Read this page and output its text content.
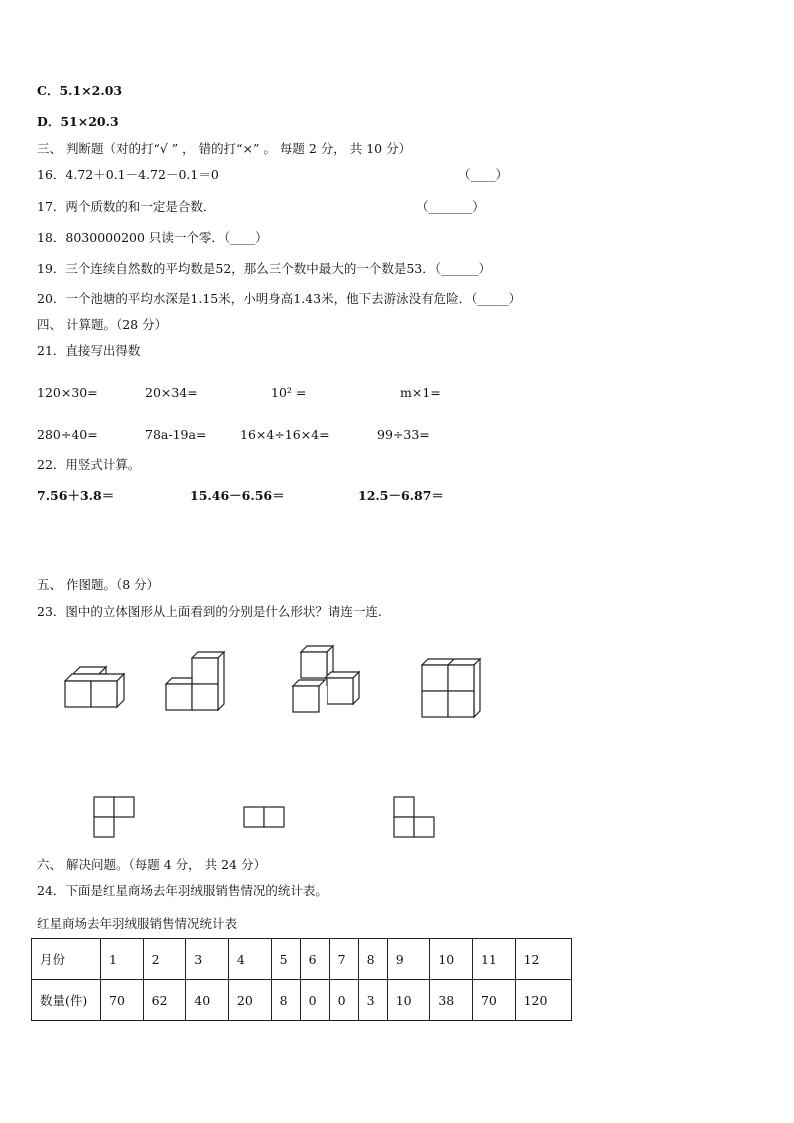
C．5.1×2.03
D．51×20.3
三、 判断题（对的打“√ ” ， 错的打“×” 。 每题 2 分， 共 10 分）
16．4.72＋0.1－4.72－0.1＝0	（____）
17．两个质数的和一定是合数．	（_______）
18．8030000200 只读一个零．（____）
19．三个连续自然数的平均数是52，那么三个数中最大的一个数是53．（______）
20．一个池塘的平均水深是1.15米，小明身高1.43米，他下去游泳没有危险．（_____）
四、 计算题。（28 分）
21．直接写出得数
120×30=	20×34=	10² =	m×1=
280÷40=	78a-19a=	16×4÷16×4=	99÷33=
22．用竖式计算。
7.56＋3.8＝	15.46－6.56＝	12.5－6.87＝
五、 作图题。（8 分）
23．图中的立体图形从上面看到的分别是什么形状？请连一连.
六、 解决问题。（每题 4 分， 共 24 分）
24．下面是红星商场去年羽绒服销售情况的统计表。
红星商场去年羽绒服销售情况统计表
月份	1	2	3	4	5	6	7	8	9	10	11	12
数量(件)	70	62	40	20	8	0	0	3	10	38	70	120
